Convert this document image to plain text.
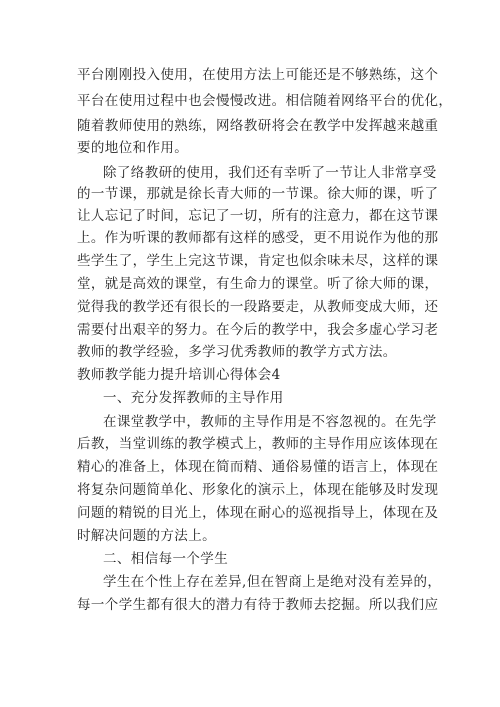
平台刚刚投入使用，在使用方法上可能还是不够熟练，这个
平台在使用过程中也会慢慢改进。相信随着网络平台的优化，
随着教师使用的熟练，网络教研将会在教学中发挥越来越重
要的地位和作用。
除了络教研的使用，我们还有幸听了一节让人非常享受
的一节课，那就是徐长青大师的一节课。徐大师的课，听了
让人忘记了时间，忘记了一切，所有的注意力，都在这节课
上。作为听课的教师都有这样的感受，更不用说作为他的那
些学生了，学生上完这节课，肯定也似余味未尽，这样的课
堂，就是高效的课堂，有生命力的课堂。听了徐大师的课，
觉得我的教学还有很长的一段路要走，从教师变成大师，还
需要付出艰辛的努力。在今后的教学中，我会多虚心学习老
教师的教学经验，多学习优秀教师的教学方式方法。
教师教学能力提升培训心得体会4
一、充分发挥教师的主导作用
在课堂教学中，教师的主导作用是不容忽视的。在先学
后教，当堂训练的教学模式上，教师的主导作用应该体现在
精心的准备上，体现在简而精、通俗易懂的语言上，体现在
将复杂问题简单化、形象化的演示上，体现在能够及时发现
问题的精锐的目光上，体现在耐心的巡视指导上，体现在及
时解决问题的方法上。
二、相信每一个学生
学生在个性上存在差异,但在智商上是绝对没有差异的，
每一个学生都有很大的潜力有待于教师去挖掘。所以我们应
